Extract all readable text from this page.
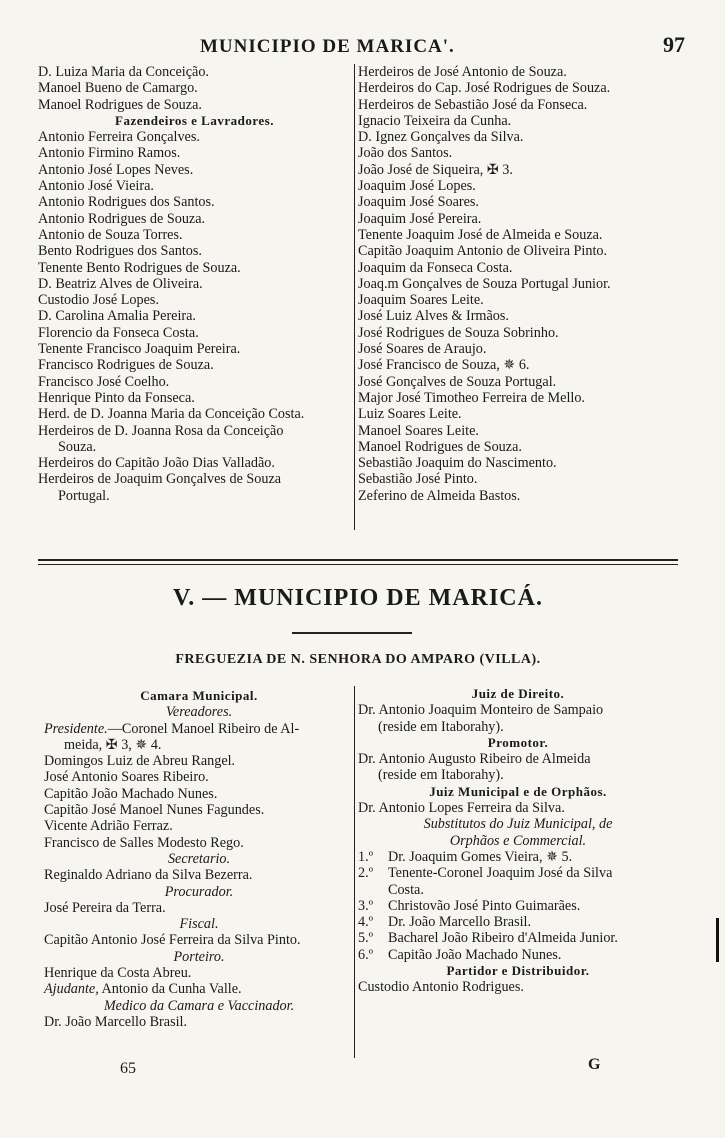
MUNICIPIO DE MARICA'.	97
D. Luiza Maria da Conceição.
Manoel Bueno de Camargo.
Manoel Rodrigues de Souza.
Fazendeiros e Lavradores.
Antonio Ferreira Gonçalves.
Antonio Firmino Ramos.
Antonio José Lopes Neves.
Antonio José Vieira.
Antonio Rodrigues dos Santos.
Antonio Rodrigues de Souza.
Antonio de Souza Torres.
Bento Rodrigues dos Santos.
Tenente Bento Rodrigues de Souza.
D. Beatriz Alves de Oliveira.
Custodio José Lopes.
D. Carolina Amalia Pereira.
Florencio da Fonseca Costa.
Tenente Francisco Joaquim Pereira.
Francisco Rodrigues de Souza.
Francisco José Coelho.
Henrique Pinto da Fonseca.
Herd. de D. Joanna Maria da Conceição Costa.
Herdeiros de D. Joanna Rosa da Conceição
Souza.
Herdeiros do Capitão João Dias Valladão.
Herdeiros de Joaquim Gonçalves de Souza
Portugal.
Herdeiros de José Antonio de Souza.
Herdeiros do Cap. José Rodrigues de Souza.
Herdeiros de Sebastião José da Fonseca.
Ignacio Teixeira da Cunha.
D. Ignez Gonçalves da Silva.
João dos Santos.
João José de Siqueira, ✠ 3.
Joaquim José Lopes.
Joaquim José Soares.
Joaquim José Pereira.
Tenente Joaquim José de Almeida e Souza.
Capitão Joaquim Antonio de Oliveira Pinto.
Joaquim da Fonseca Costa.
Joaq.m Gonçalves de Souza Portugal Junior.
Joaquim Soares Leite.
José Luiz Alves & Irmãos.
José Rodrigues de Souza Sobrinho.
José Soares de Araujo.
José Francisco de Souza, ✵ 6.
José Gonçalves de Souza Portugal.
Major José Timotheo Ferreira de Mello.
Luiz Soares Leite.
Manoel Soares Leite.
Manoel Rodrigues de Souza.
Sebastião Joaquim do Nascimento.
Sebastião José Pinto.
Zeferino de Almeida Bastos.
V. — MUNICIPIO DE MARICÁ.
FREGUEZIA DE N. SENHORA DO AMPARO (VILLA).
Camara Municipal.
Vereadores.
Presidente.—Coronel Manoel Ribeiro de Al-
meida, ✠ 3, ✵ 4.
Domingos Luiz de Abreu Rangel.
José Antonio Soares Ribeiro.
Capitão João Machado Nunes.
Capitão José Manoel Nunes Fagundes.
Vicente Adrião Ferraz.
Francisco de Salles Modesto Rego.
Secretario.
Reginaldo Adriano da Silva Bezerra.
Procurador.
José Pereira da Terra.
Fiscal.
Capitão Antonio José Ferreira da Silva Pinto.
Porteiro.
Henrique da Costa Abreu.
Ajudante, Antonio da Cunha Valle.
Medico da Camara e Vaccinador.
Dr. João Marcello Brasil.
Juiz de Direito.
Dr. Antonio Joaquim Monteiro de Sampaio
(reside em Itaborahy).
Promotor.
Dr. Antonio Augusto Ribeiro de Almeida
(reside em Itaborahy).
Juiz Municipal e de Orphãos.
Dr. Antonio Lopes Ferreira da Silva.
Substitutos do Juiz Municipal, de
Orphãos e Commercial.
1.º Dr. Joaquim Gomes Vieira, ✵ 5.
2.º Tenente-Coronel Joaquim José da Silva
Costa.
3.º Christovão José Pinto Guimarães.
4.º Dr. João Marcello Brasil.
5.º Bacharel João Ribeiro d'Almeida Junior.
6.º Capitão João Machado Nunes.
Partidor e Distribuidor.
Custodio Antonio Rodrigues.
65	G
